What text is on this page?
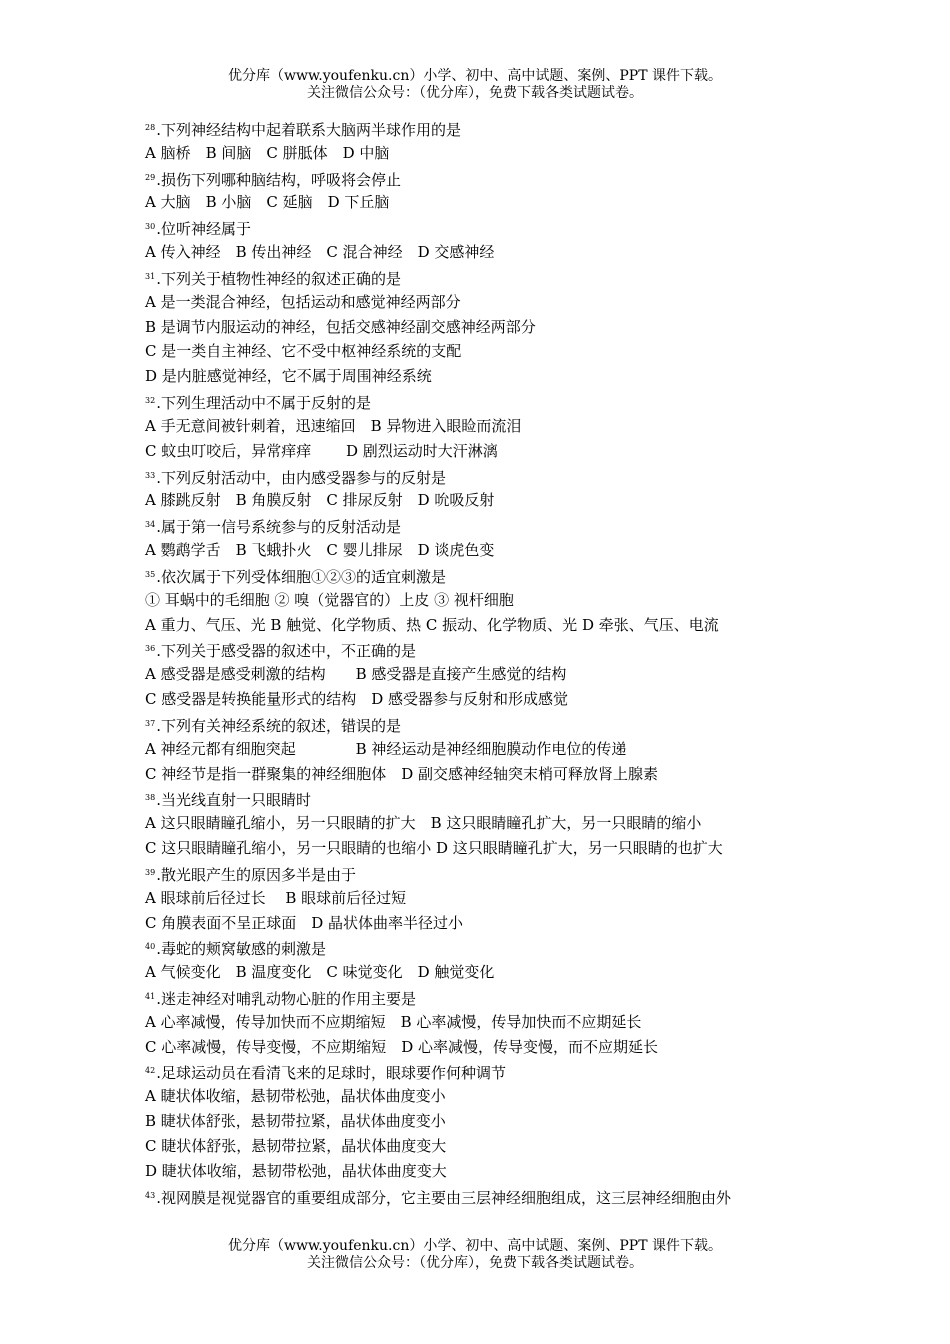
优分库（www.youfenku.cn）小学、初中、高中试题、案例、PPT 课件下载。
关注微信公众号：（优分库），免费下载各类试题试卷。
$^{28}$.下列神经结构中起着联系大脑两半球作用的是
A 脑桥　B 间脑　C 胼胝体　D 中脑
$^{29}$.损伤下列哪种脑结构，呼吸将会停止
A 大脑　B 小脑　C 延脑　D 下丘脑
$^{30}$.位听神经属于
A 传入神经　B 传出神经　C 混合神经　D 交感神经
$^{31}$.下列关于植物性神经的叙述正确的是
A 是一类混合神经，包括运动和感觉神经两部分
B 是调节内服运动的神经，包括交感神经副交感神经两部分
C 是一类自主神经、它不受中枢神经系统的支配
D 是内脏感觉神经，它不属于周围神经系统
$^{32}$.下列生理活动中不属于反射的是
A 手无意间被针刺着，迅速缩回　B 异物进入眼睑而流泪
C 蚊虫叮咬后，异常痒痒　　 D 剧烈运动时大汗淋漓
$^{33}$.下列反射活动中，由内感受器参与的反射是
A 膝跳反射　B 角膜反射　C 排尿反射　D 吮吸反射
$^{34}$.属于第一信号系统参与的反射活动是
A 鹦鹉学舌　B 飞蛾扑火　C 婴儿排尿　D 谈虎色变
$^{35}$.依次属于下列受体细胞①②③的适宜刺激是
① 耳蜗中的毛细胞 ② 嗅（觉器官的）上皮 ③ 视杆细胞
A 重力、气压、光 B 触觉、化学物质、热 C 振动、化学物质、光 D 牵张、气压、电流
$^{36}$.下列关于感受器的叙述中，不正确的是
A 感受器是感受刺激的结构　　B 感受器是直接产生感觉的结构
C 感受器是转换能量形式的结构　D 感受器参与反射和形成感觉
$^{37}$.下列有关神经系统的叙述，错误的是
A 神经元都有细胞突起　　　　B 神经运动是神经细胞膜动作电位的传递
C 神经节是指一群聚集的神经细胞体　D 副交感神经轴突末梢可释放肾上腺素
$^{38}$.当光线直射一只眼睛时
A 这只眼睛瞳孔缩小，另一只眼睛的扩大　B 这只眼睛瞳孔扩大，另一只眼睛的缩小
C 这只眼睛瞳孔缩小，另一只眼睛的也缩小 D 这只眼睛瞳孔扩大，另一只眼睛的也扩大
$^{39}$.散光眼产生的原因多半是由于
A 眼球前后径过长　 B 眼球前后径过短
C 角膜表面不呈正球面　D 晶状体曲率半径过小
$^{40}$.毒蛇的颊窝敏感的刺激是
A 气候变化　B 温度变化　C 味觉变化　D 触觉变化
$^{41}$.迷走神经对哺乳动物心脏的作用主要是
A 心率减慢，传导加快而不应期缩短　B 心率减慢，传导加快而不应期延长
C 心率减慢，传导变慢，不应期缩短　D 心率减慢，传导变慢，而不应期延长
$^{42}$.足球运动员在看清飞来的足球时，眼球要作何种调节
A 睫状体收缩，悬韧带松弛，晶状体曲度变小
B 睫状体舒张，悬韧带拉紧，晶状体曲度变小
C 睫状体舒张，悬韧带拉紧，晶状体曲度变大
D 睫状体收缩，悬韧带松弛，晶状体曲度变大
$^{43}$.视网膜是视觉器官的重要组成部分，它主要由三层神经细胞组成，这三层神经细胞由外
优分库（www.youfenku.cn）小学、初中、高中试题、案例、PPT 课件下载。
关注微信公众号：（优分库），免费下载各类试题试卷。
